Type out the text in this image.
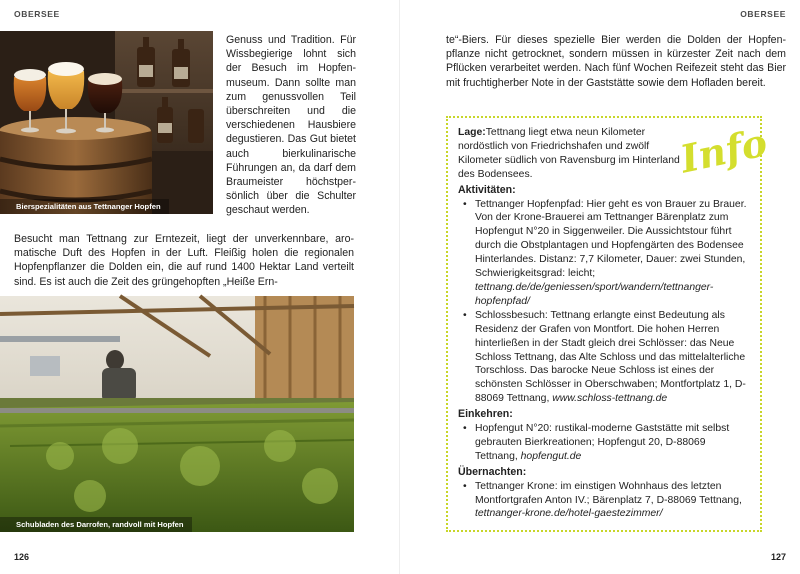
OBERSEE
Bierspezialitäten aus Tettnanger Hopfen
Genuss und Tradition. Für Wissbegierige lohnt sich der Besuch im Hopfenmuseum. Dann sollte man zum genussvollen Teil überschreiten und die verschiedenen Hausbiere degustieren. Das Gut bietet auch bierkulinarische Führungen an, da darf dem Braumeister höchstpersönlich über die Schulter geschaut werden.
Besucht man Tettnang zur Erntezeit, liegt der unverkennbare, aromatische Duft des Hopfen in der Luft. Fleißig holen die regionalen Hopfenpflanzer die Dolden ein, die auf rund 1400 Hektar Land verteilt sind. Es ist auch die Zeit des grüngehopften „Heiße Ern-
Schubladen des Darrofen, randvoll mit Hopfen
126
OBERSEE
127
te“-Biers. Für dieses spezielle Bier werden die Dolden der Hopfenpflanze nicht getrocknet, sondern müssen in kürzester Zeit nach dem Pflücken verarbeitet werden. Nach fünf Wochen Reifezeit steht das Bier mit fruchtigherber Note in der Gaststätte sowie dem Hofladen bereit.
Info
Lage:Tettnang liegt etwa neun Kilometer nordöstlich von Friedrichshafen und zwölf Kilometer südlich von Ravensburg im Hinterland des Bodensees.
Aktivitäten:
• Tettnanger Hopfenpfad: Hier geht es von Brauer zu Brauer. Von der Krone-Brauerei am Tettnanger Bärenplatz zum Hopfengut N°20 in Siggenweiler. Die Aussichtstour führt durch die Obstplantagen und Hopfengärten des Bodensee Hinterlandes. Distanz: 7,7 Kilometer, Dauer: zwei Stunden, Schwierigkeitsgrad: leicht; tettnang.de/de/geniessen/sport/wandern/tettnanger-hopfenpfad/
• Schlossbesuch: Tettnang erlangte einst Bedeutung als Residenz der Grafen von Montfort. Die hohen Herren hinterließen in der Stadt gleich drei Schlösser: das Neue Schloss Tettnang, das Alte Schloss und das mittelalterliche Torschloss. Das barocke Neue Schloss ist eines der schönsten Schlösser in Oberschwaben; Montfortplatz 1, D-88069 Tettnang, www.schloss-tettnang.de
Einkehren:
• Hopfengut N°20: rustikal-moderne Gaststätte mit selbst gebrauten Bierkreationen; Hopfengut 20, D-88069 Tettnang, hopfengut.de
Übernachten:
• Tettnanger Krone: im einstigen Wohnhaus des letzten Montfortgrafen Anton IV.; Bärenplatz 7, D-88069 Tettnang, tettnanger-krone.de/hotel-gaestezimmer/
